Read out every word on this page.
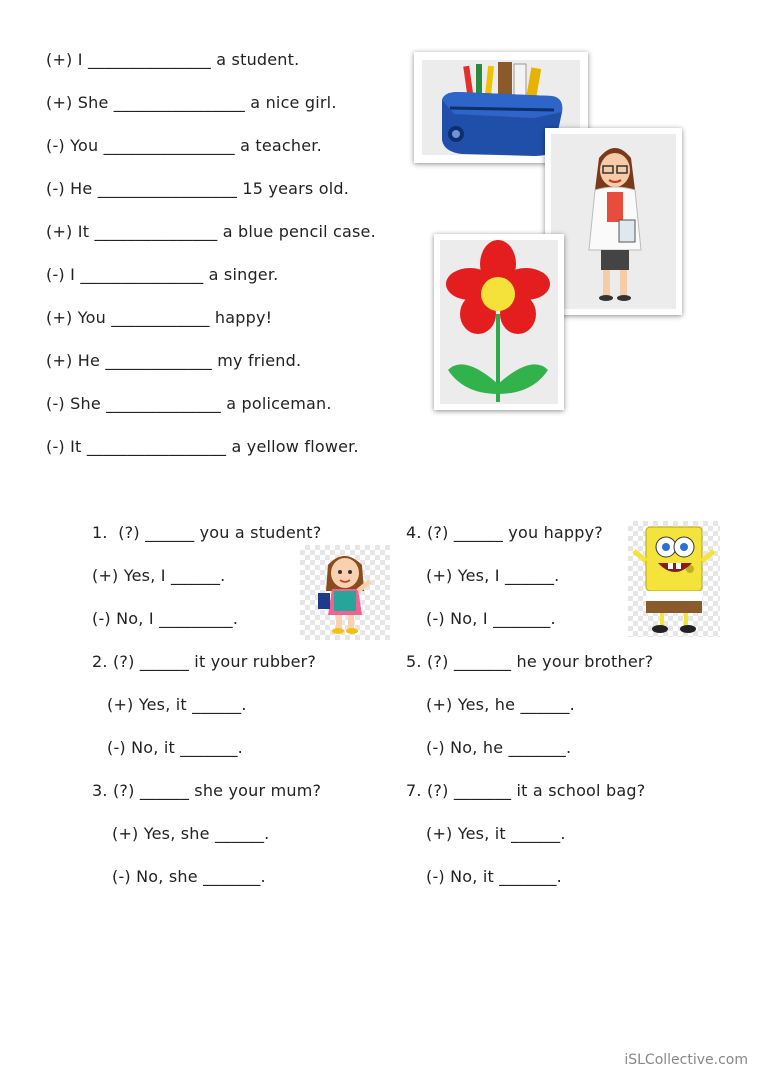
(+) I _______________ a student.
(+) She ________________ a nice girl.
(-) You ________________ a teacher.
(-) He _________________ 15 years old.
(+) It _______________ a blue pencil case.
(-) I _______________ a singer.
(+) You ____________ happy!
(+) He _____________ my friend.
(-) She ______________ a policeman.
(-) It _________________ a yellow flower.
1.  (?) ______ you a student?
(+) Yes, I ______.
(-) No, I _________.
2. (?) ______ it your rubber?
(+) Yes, it ______.
(-) No, it _______.
3. (?) ______ she your mum?
(+) Yes, she ______.
(-) No, she _______.
4. (?) ______ you happy?
(+) Yes, I ______.
(-) No, I _______.
5. (?) _______ he your brother?
(+) Yes, he ______.
(-) No, he _______.
7. (?) _______ it a school bag?
(+) Yes, it ______.
(-) No, it _______.
iSLCollective.com
